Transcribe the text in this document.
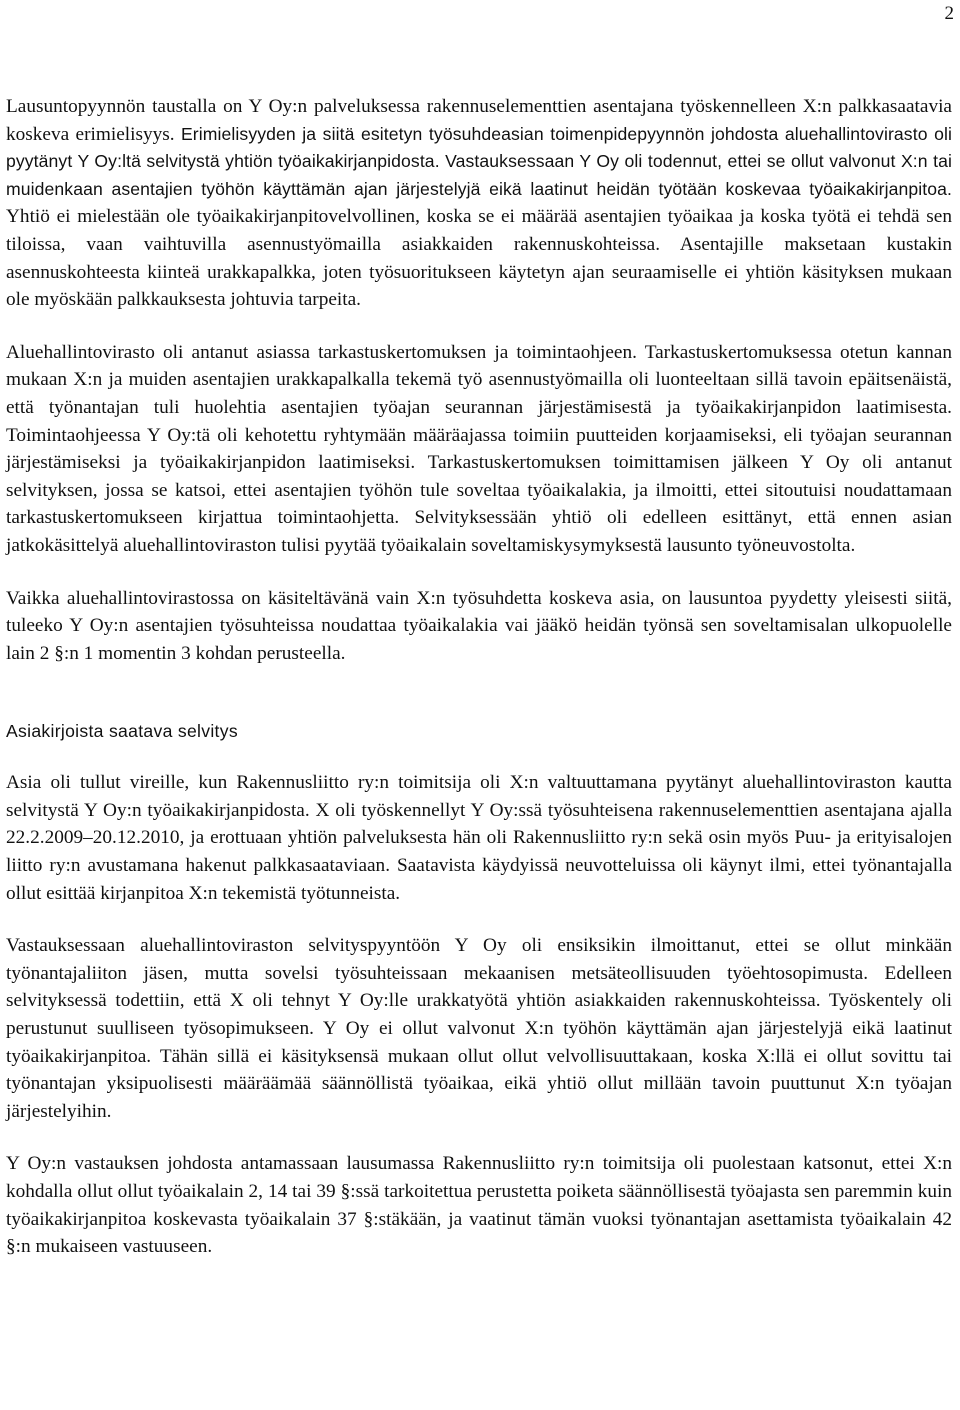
2

Lausuntopyynnön taustalla on Y Oy:n palveluksessa rakennuselementtien asentajana työskennelleen X:n palkkasaatavia koskeva erimielisyys. Erimielisyyden ja siitä esitetyn työsuhdeasian toimenpidepyynnön johdosta aluehallintovirasto oli pyytänyt Y Oy:ltä selvitystä yhtiön työaikakirjanpidosta. Vastauksessaan Y Oy oli todennut, ettei se ollut valvonut X:n tai muidenkaan asentajien työhön käyttämän ajan järjestelyjä eikä laatinut heidän työtään koskevaa työaikakirjanpitoa. Yhtiö ei mielestään ole työaikakirjanpitovelvollinen, koska se ei määrää asentajien työaikaa ja koska työtä ei tehdä sen tiloissa, vaan vaihtuvilla asennustyömailla asiakkaiden rakennuskohteissa. Asentajille maksetaan kustakin asennuskohteesta kiinteä urakkapalkka, joten työsuoritukseen käytetyn ajan seuraamiselle ei yhtiön käsityksen mukaan ole myöskään palkkauksesta johtuvia tarpeita.

Aluehallintovirasto oli antanut asiassa tarkastuskertomuksen ja toimintaohjeen. Tarkastuskertomuksessa otetun kannan mukaan X:n ja muiden asentajien urakkapalkalla tekemä työ asennustyömailla oli luonteeltaan sillä tavoin epäitsenäistä, että työnantajan tuli huolehtia asentajien työajan seurannan järjestämisestä ja työaikakirjanpidon laatimisesta. Toimintaohjeessa Y Oy:tä oli kehotettu ryhtymään määräajassa toimiin puutteiden korjaamiseksi, eli työajan seurannan järjestämiseksi ja työaikakirjanpidon laatimiseksi. Tarkastuskertomuksen toimittamisen jälkeen Y Oy oli antanut selvityksen, jossa se katsoi, ettei asentajien työhön tule soveltaa työaikalakia, ja ilmoitti, ettei sitoutuisi noudattamaan tarkastuskertomukseen kirjattua toimintaohjetta. Selvityksessään yhtiö oli edelleen esittänyt, että ennen asian jatkokäsittelyä aluehallintoviraston tulisi pyytää työaikalain soveltamiskysymyksestä lausunto työneuvostolta.

Vaikka aluehallintovirastossa on käsiteltävänä vain X:n työsuhdetta koskeva asia, on lausuntoa pyydetty yleisesti siitä, tuleeko Y Oy:n asentajien työsuhteissa noudattaa työaikalakia vai jääkö heidän työnsä sen soveltamisalan ulkopuolelle lain 2 §:n 1 momentin 3 kohdan perusteella.

Asiakirjoista saatava selvitys

Asia oli tullut vireille, kun Rakennusliitto ry:n toimitsija oli X:n valtuuttamana pyytänyt aluehallintoviraston kautta selvitystä Y Oy:n työaikakirjanpidosta. X oli työskennellyt Y Oy:ssä työsuhteisena rakennuselementtien asentajana ajalla 22.2.2009–20.12.2010, ja erottuaan yhtiön palveluksesta hän oli Rakennusliitto ry:n sekä osin myös Puu- ja erityisalojen liitto ry:n avustamana hakenut palkkasaataviaan. Saatavista käydyissä neuvotteluissa oli käynyt ilmi, ettei työnantajalla ollut esittää kirjanpitoa X:n tekemistä työtunneista.

Vastauksessaan aluehallintoviraston selvityspyyntöön Y Oy oli ensiksikin ilmoittanut, ettei se ollut minkään työnantajaliiton jäsen, mutta sovelsi työsuhteissaan mekaanisen metsäteollisuuden työehtosopimusta. Edelleen selvityksessä todettiin, että X oli tehnyt Y Oy:lle urakkatyötä yhtiön asiakkaiden rakennuskohteissa. Työskentely oli perustunut suulliseen työsopimukseen. Y Oy ei ollut valvonut X:n työhön käyttämän ajan järjestelyjä eikä laatinut työaikakirjanpitoa. Tähän sillä ei käsityksensä mukaan ollut ollut velvollisuuttakaan, koska X:llä ei ollut sovittu tai työnantajan yksipuolisesti määräämää säännöllistä työaikaa, eikä yhtiö ollut millään tavoin puuttunut X:n työajan järjestelyihin.

Y Oy:n vastauksen johdosta antamassaan lausumassa Rakennusliitto ry:n toimitsija oli puolestaan katsonut, ettei X:n kohdalla ollut ollut työaikalain 2, 14 tai 39 §:ssä tarkoitettua perustetta poiketa säännöllisestä työajasta sen paremmin kuin työaikakirjanpitoa koskevasta työaikalain 37 §:stäkään, ja vaatinut tämän vuoksi työnantajan asettamista työaikalain 42 §:n mukaiseen vastuuseen.
